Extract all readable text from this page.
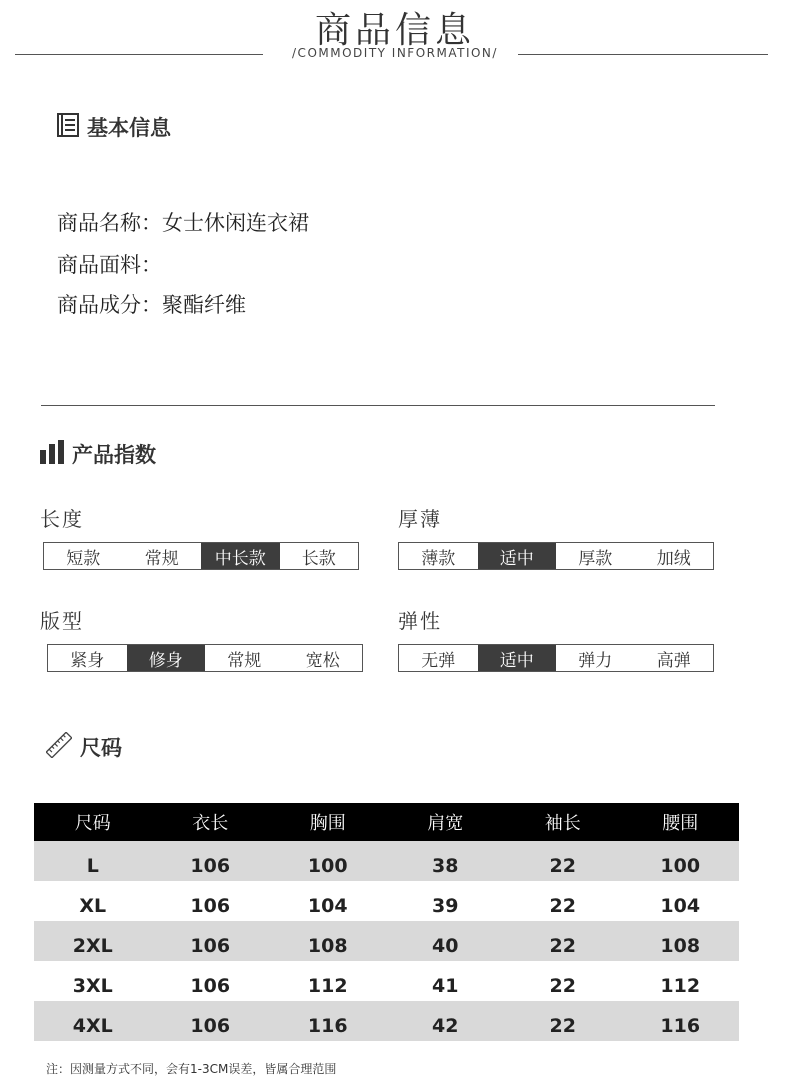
商品信息
/COMMODITY INFORMATION/
基本信息
商品名称：女士休闲连衣裙
商品面料：
商品成分：聚酯纤维
产品指数
长度
短款	常规	中长款	长款
厚薄
薄款	适中	厚款	加绒
版型
紧身	修身	常规	宽松
弹性
无弹	适中	弹力	高弹
尺码
尺码	衣长	胸围	肩宽	袖长	腰围
L	106	100	38	22	100
XL	106	104	39	22	104
2XL	106	108	40	22	108
3XL	106	112	41	22	112
4XL	106	116	42	22	116
注：因测量方式不同，会有1-3CM误差，皆属合理范围
